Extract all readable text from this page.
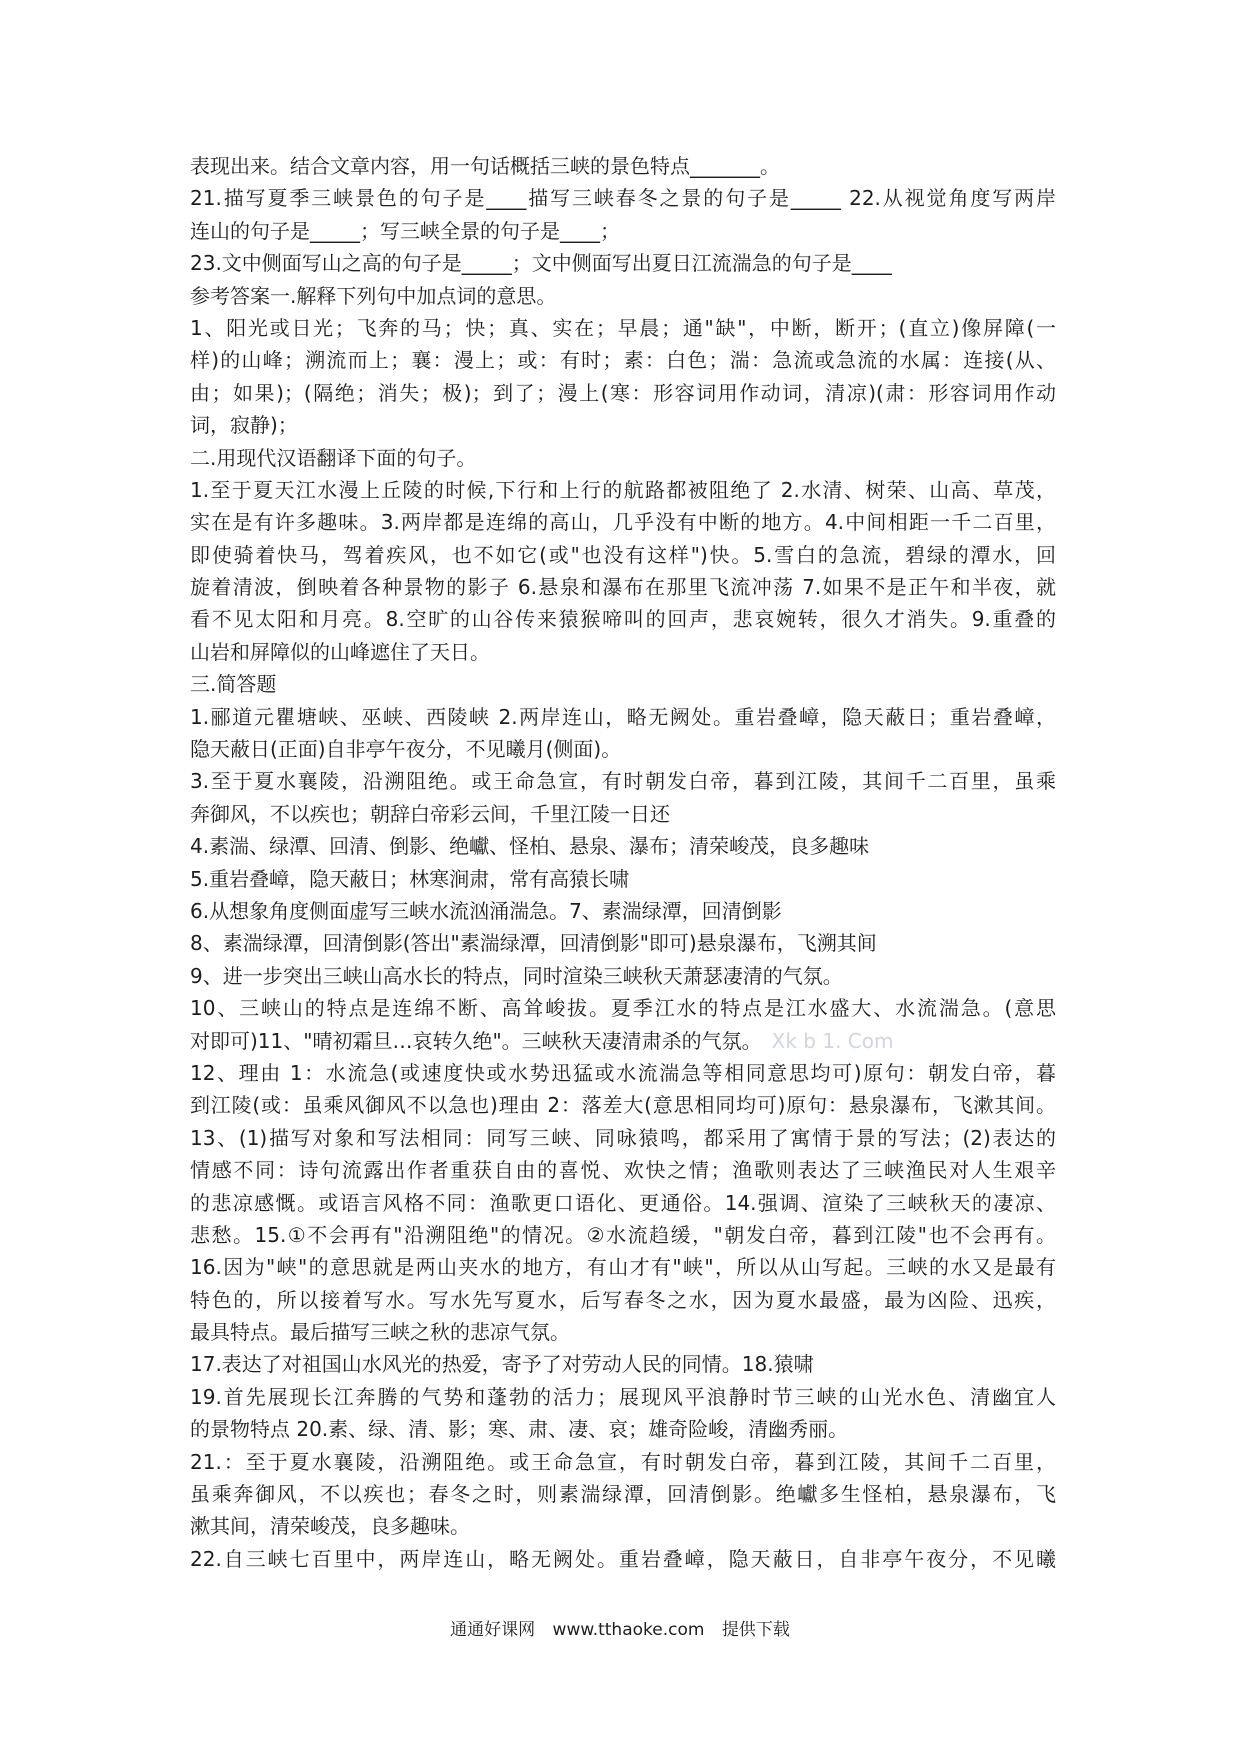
表现出来。结合文章内容，用一句话概括三峡的景色特点_______。
21.描写夏季三峡景色的句子是____描写三峡春冬之景的句子是_____ 22.从视觉角度写两岸
连山的句子是_____；写三峡全景的句子是____；
23.文中侧面写山之高的句子是_____；文中侧面写出夏日江流湍急的句子是____
参考答案一.解释下列句中加点词的意思。
1、阳光或日光；飞奔的马；快；真、实在；早晨；通"缺"，中断，断开；(直立)像屏障(一
样)的山峰；溯流而上；襄：漫上；或：有时；素：白色；湍：急流或急流的水属：连接(从、
由；如果)；(隔绝；消失；极)；到了；漫上(寒：形容词用作动词，清凉)(肃：形容词用作动
词，寂静)；
二.用现代汉语翻译下面的句子。
1.至于夏天江水漫上丘陵的时候,下行和上行的航路都被阻绝了 2.水清、树荣、山高、草茂，
实在是有许多趣味。3.两岸都是连绵的高山，几乎没有中断的地方。4.中间相距一千二百里，
即使骑着快马，驾着疾风，也不如它(或"也没有这样")快。5.雪白的急流，碧绿的潭水，回
旋着清波，倒映着各种景物的影子 6.悬泉和瀑布在那里飞流冲荡 7.如果不是正午和半夜，就
看不见太阳和月亮。8.空旷的山谷传来猿猴啼叫的回声，悲哀婉转，很久才消失。9.重叠的
山岩和屏障似的山峰遮住了天日。
三.简答题
1.郦道元瞿塘峡、巫峡、西陵峡 2.两岸连山，略无阙处。重岩叠嶂，隐天蔽日；重岩叠嶂，
隐天蔽日(正面)自非亭午夜分，不见曦月(侧面)。
3.至于夏水襄陵，沿溯阻绝。或王命急宣，有时朝发白帝，暮到江陵，其间千二百里，虽乘
奔御风，不以疾也；朝辞白帝彩云间，千里江陵一日还
4.素湍、绿潭、回清、倒影、绝巘、怪柏、悬泉、瀑布；清荣峻茂，良多趣味
5.重岩叠嶂，隐天蔽日；林寒涧肃，常有高猿长啸
6.从想象角度侧面虚写三峡水流汹涌湍急。7、素湍绿潭，回清倒影
8、素湍绿潭，回清倒影(答出"素湍绿潭，回清倒影"即可)悬泉瀑布，飞溯其间
9、进一步突出三峡山高水长的特点，同时渲染三峡秋天萧瑟凄清的气氛。
10、三峡山的特点是连绵不断、高耸峻拔。夏季江水的特点是江水盛大、水流湍急。(意思
对即可)11、"晴初霜旦…哀转久绝"。三峡秋天凄清肃杀的气氛。 Xk b 1. Com
12、理由 1：水流急(或速度快或水势迅猛或水流湍急等相同意思均可)原句：朝发白帝，暮
到江陵(或：虽乘风御风不以急也)理由 2：落差大(意思相同均可)原句：悬泉瀑布，飞漱其间。
13、(1)描写对象和写法相同：同写三峡、同咏猿鸣，都采用了寓情于景的写法；(2)表达的
情感不同：诗句流露出作者重获自由的喜悦、欢快之情；渔歌则表达了三峡渔民对人生艰辛
的悲凉感慨。或语言风格不同：渔歌更口语化、更通俗。14.强调、渲染了三峡秋天的凄凉、
悲愁。15.①不会再有"沿溯阻绝"的情况。②水流趋缓，"朝发白帝，暮到江陵"也不会再有。
16.因为"峡"的意思就是两山夹水的地方，有山才有"峡"，所以从山写起。三峡的水又是最有
特色的，所以接着写水。写水先写夏水，后写春冬之水，因为夏水最盛，最为凶险、迅疾，
最具特点。最后描写三峡之秋的悲凉气氛。
17.表达了对祖国山水风光的热爱，寄予了对劳动人民的同情。18.猿啸
19.首先展现长江奔腾的气势和蓬勃的活力；展现风平浪静时节三峡的山光水色、清幽宜人
的景物特点 20.素、绿、清、影；寒、肃、凄、哀；雄奇险峻，清幽秀丽。
21.：至于夏水襄陵，沿溯阻绝。或王命急宣，有时朝发白帝，暮到江陵，其间千二百里，
虽乘奔御风，不以疾也；春冬之时，则素湍绿潭，回清倒影。绝巘多生怪柏，悬泉瀑布，飞
漱其间，清荣峻茂，良多趣味。
22.自三峡七百里中，两岸连山，略无阙处。重岩叠嶂，隐天蔽日，自非亭午夜分，不见曦
通通好课网 www.tthaoke.com 提供下载
